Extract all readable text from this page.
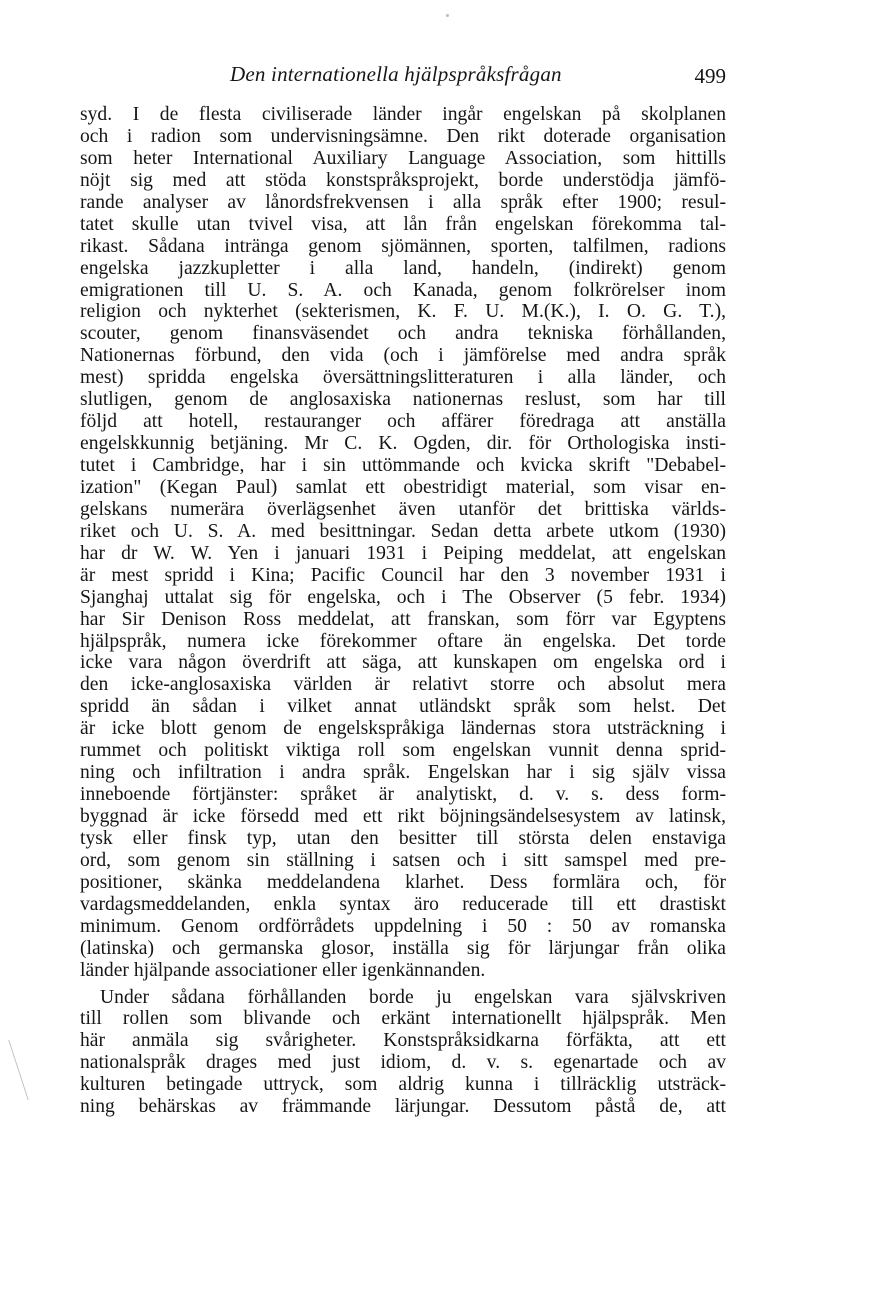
Den internationella hjälpspråksfrågan	499
syd. I de flesta civiliserade länder ingår engelskan på skolplanen
och i radion som undervisningsämne. Den rikt doterade organisation
som heter International Auxiliary Language Association, som hittills
nöjt sig med att stöda konstspråksprojekt, borde understödja jämfö-
rande analyser av lånordsfrekvensen i alla språk efter 1900; resul-
tatet skulle utan tvivel visa, att lån från engelskan förekomma tal-
rikast. Sådana inträngа genom sjömännen, sporten, talfilmen, radions
engelska jazzkupletter i alla land, handeln, (indirekt) genom
emigrationen till U. S. A. och Kanada, genom folkrörelser inom
religion och nykterhet (sekterismen, K. F. U. M.(K.), I. O. G. T.),
scouter, genom finansväsendet och andra tekniska förhållanden,
Nationernas förbund, den vida (och i jämförelse med andra språk
mest) spridda engelska översättningslitteraturen i alla länder, och
slutligen, genom de anglosaxiska nationernas reslust, som har till
följd att hotell, restauranger och affärer föredraga att anställa
engelskkunnig betjäning. Mr C. K. Ogden, dir. för Orthologiska insti-
tutet i Cambridge, har i sin uttömmande och kvicka skrift "Debabel-
ization" (Kegan Paul) samlat ett obestridigt material, som visar en-
gelskans numerära överlägsenhet även utanför det brittiska världs-
riket och U. S. A. med besittningar. Sedan detta arbete utkom (1930)
har dr W. W. Yen i januari 1931 i Peiping meddelat, att engelskan
är mest spridd i Kina; Pacific Council har den 3 november 1931 i
Sjanghaj uttalat sig för engelska, och i The Observer (5 febr. 1934)
har Sir Denison Ross meddelat, att franskan, som förr var Egyptens
hjälpspråk, numera icke förekommer oftare än engelska. Det torde
icke vara någon överdrift att säga, att kunskapen om engelska ord i
den icke-anglosaxiska världen är relativt storre och absolut mera
spridd än sådan i vilket annat utländskt språk som helst. Det
är icke blott genom de engelskspråkiga ländernas stora utsträckning i
rummet och politiskt viktiga roll som engelskan vunnit denna sprid-
ning och infiltration i andra språk. Engelskan har i sig själv vissa
inneboende förtjänster: språket är analytiskt, d. v. s. dess form-
byggnad är icke försedd med ett rikt böjningsändelsesystem av latinsk,
tysk eller finsk typ, utan den besitter till största delen enstaviga
ord, som genom sin ställning i satsen och i sitt samspel med pre-
positioner, skänka meddelandena klarhet. Dess formlära och, för
vardagsmeddelanden, enkla syntax äro reducerade till ett drastiskt
minimum. Genom ordförrådets uppdelning i 50 : 50 av romanska
(latinska) och germanska glosor, inställa sig för lärjungar från olika
länder hjälpande associationer eller igenkännanden.
Under sådana förhållanden borde ju engelskan vara självskriven
till rollen som blivande och erkänt internationellt hjälpspråk. Men
här anmäla sig svårigheter. Konstspråksidkarna förfäkta, att ett
nationalspråk drages med just idiom, d. v. s. egenartade och av
kulturen betingade uttryck, som aldrig kunna i tillräcklig utsträck-
ning behärskas av främmande lärjungar. Dessutom påstå de, att
